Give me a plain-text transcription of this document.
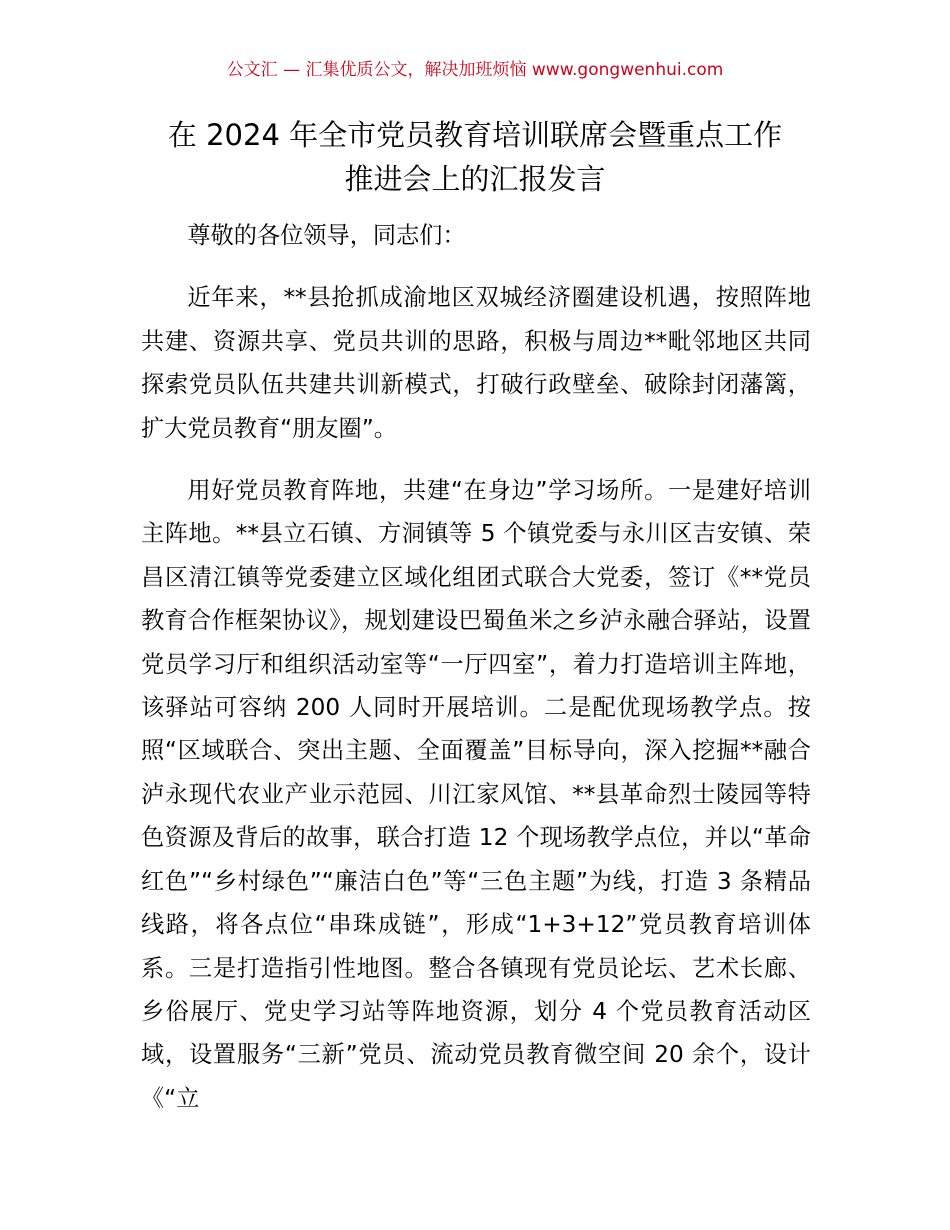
公文汇 — 汇集优质公文，解决加班烦恼 www.gongwenhui.com
在 2024 年全市党员教育培训联席会暨重点工作
推进会上的汇报发言

尊敬的各位领导，同志们：

近年来，**县抢抓成渝地区双城经济圈建设机遇，按照阵地共建、资源共享、党员共训的思路，积极与周边**毗邻地区共同探索党员队伍共建共训新模式，打破行政壁垒、破除封闭藩篱，扩大党员教育“朋友圈”。

用好党员教育阵地，共建“在身边”学习场所。一是建好培训主阵地。**县立石镇、方洞镇等 5 个镇党委与永川区吉安镇、荣昌区清江镇等党委建立区域化组团式联合大党委，签订《**党员教育合作框架协议》，规划建设巴蜀鱼米之乡泸永融合驿站，设置党员学习厅和组织活动室等“一厅四室”，着力打造培训主阵地，该驿站可容纳 200 人同时开展培训。二是配优现场教学点。按照“区域联合、突出主题、全面覆盖”目标导向，深入挖掘**融合泸永现代农业产业示范园、川江家风馆、**县革命烈士陵园等特色资源及背后的故事，联合打造 12 个现场教学点位，并以“革命红色”“乡村绿色”“廉洁白色”等“三色主题”为线，打造 3 条精品线路，将各点位“串珠成链”，形成“1+3+12”党员教育培训体系。三是打造指引性地图。整合各镇现有党员论坛、艺术长廊、乡俗展厅、党史学习站等阵地资源，划分 4 个党员教育活动区域，设置服务“三新”党员、流动党员教育微空间 20 余个，设计《“立
